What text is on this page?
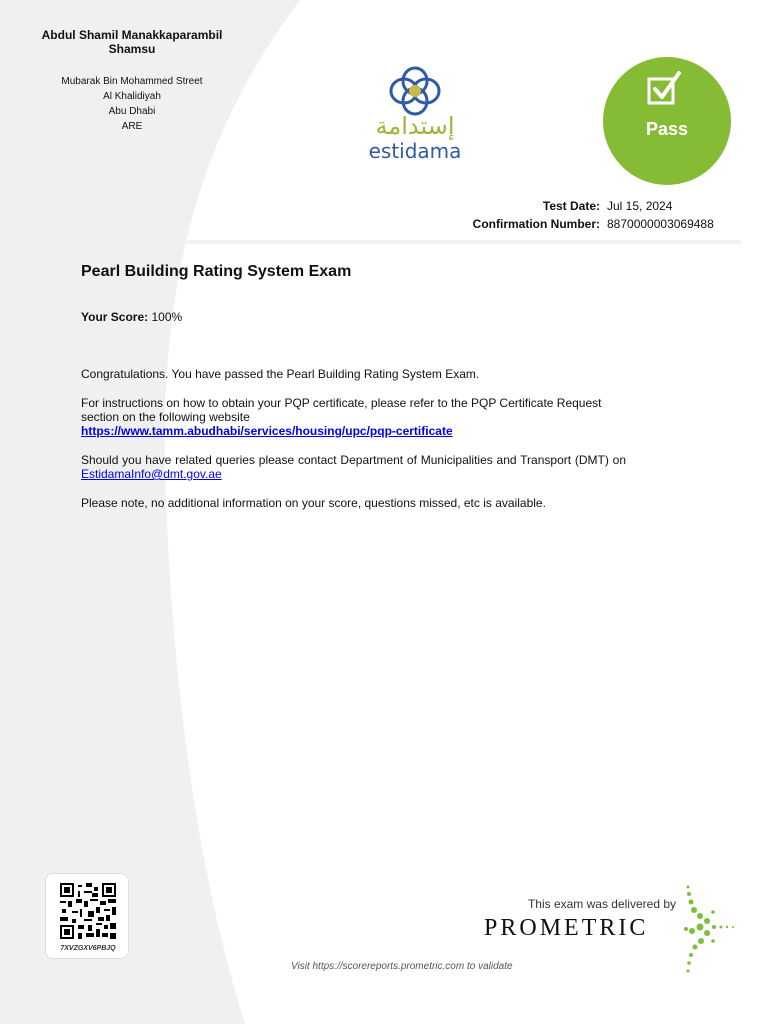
Abdul Shamil Manakkaparambil Shamsu
Mubarak Bin Mohammed Street
Al Khalidiyah
Abu Dhabi
ARE	إستدامة
estidama
Pass
Test Date: Jul 15, 2024
Confirmation Number: 8870000003069488
Pearl Building Rating System Exam
Your Score: 100%
Congratulations. You have passed the Pearl Building Rating System Exam.
For instructions on how to obtain your PQP certificate, please refer to the PQP Certificate Request section on the following website
https://www.tamm.abudhabi/services/housing/upc/pqp-certificate
Should you have related queries please contact Department of Municipalities and Transport (DMT) on EstidamaInfo@dmt.gov.ae
Please note, no additional information on your score, questions missed, etc is available.
7XVZGXV6PBJQ
This exam was delivered by
PROMETRIC
Visit https://scorereports.prometric.com to validate
